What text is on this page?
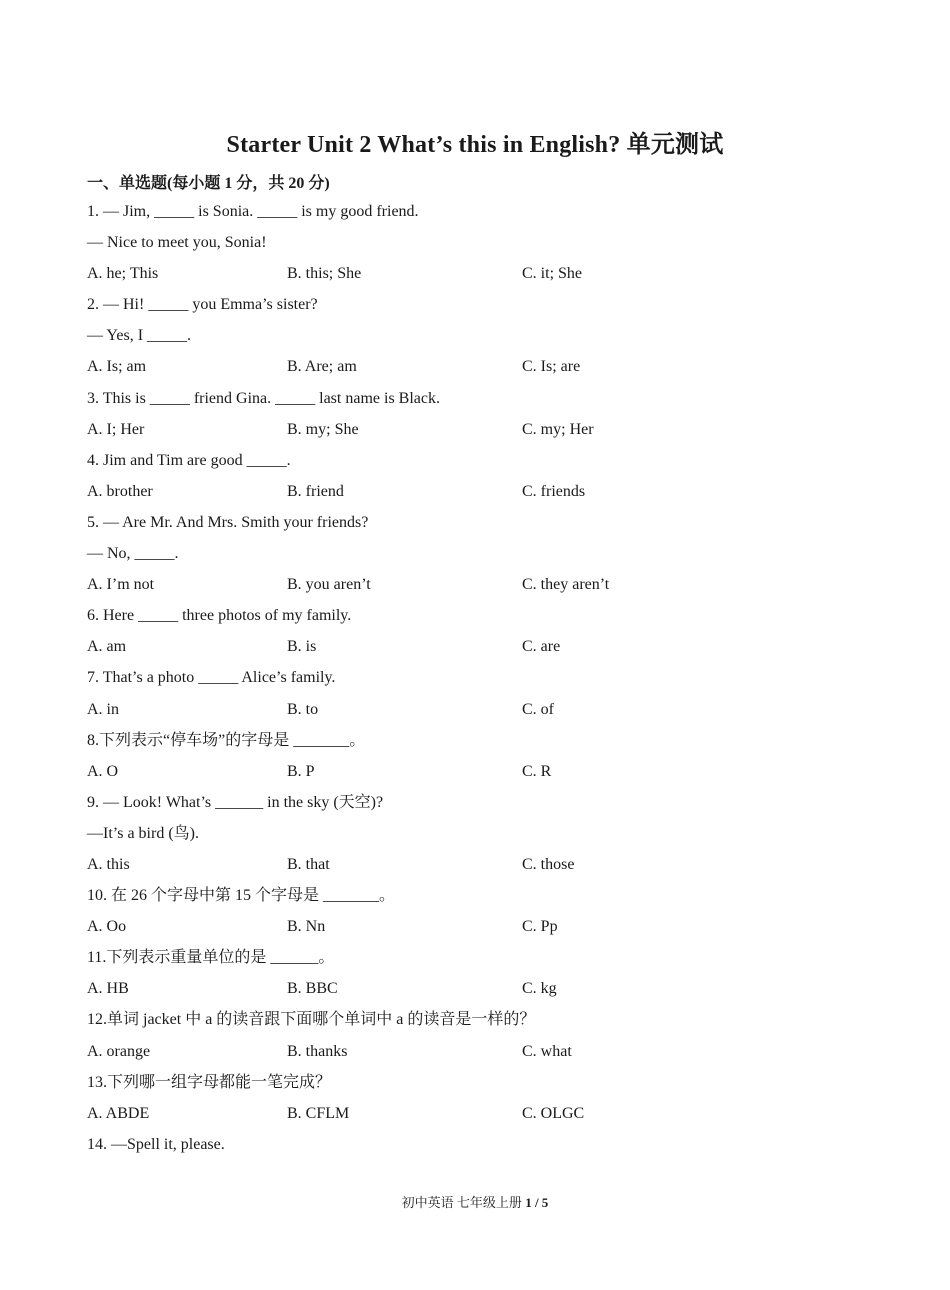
Starter Unit 2 What’s this in English? 单元测试
一、单选题(每小题 1 分，共 20 分)
1. — Jim, _____ is Sonia. _____ is my good friend.
— Nice to meet you, Sonia!
A. he; This	B. this; She	C. it; She
2. — Hi! _____ you Emma’s sister?
— Yes, I _____.
A. Is; am	B. Are; am	C. Is; are
3. This is _____ friend Gina. _____ last name is Black.
A. I; Her	B. my; She	C. my; Her
4. Jim and Tim are good _____.
A. brother	B. friend	C. friends
5. — Are Mr. And Mrs. Smith your friends?
— No, _____.
A. I’m not	B. you aren’t	C. they aren’t
6. Here _____ three photos of my family.
A. am	B. is	C. are
7. That’s a photo _____ Alice’s family.
A. in	B. to	C. of
8.下列表示“停车场”的字母是 _______。
A. O	B. P	C. R
9. — Look! What’s ______ in the sky (天空)?
—It’s a bird (鸟).
A. this	B. that	C. those
10. 在 26 个字母中第 15 个字母是 _______。
A. Oo	B. Nn	C. Pp
11.下列表示重量单位的是 ______。
A. HB	B. BBC	C. kg
12.单词 jacket 中 a 的读音跟下面哪个单词中 a 的读音是一样的？
A. orange	B. thanks	C. what
13.下列哪一组字母都能一笔完成？
A. ABDE	B. CFLM	C. OLGC
14. —Spell it, please.
初中英语 七年级上册 1 / 5
